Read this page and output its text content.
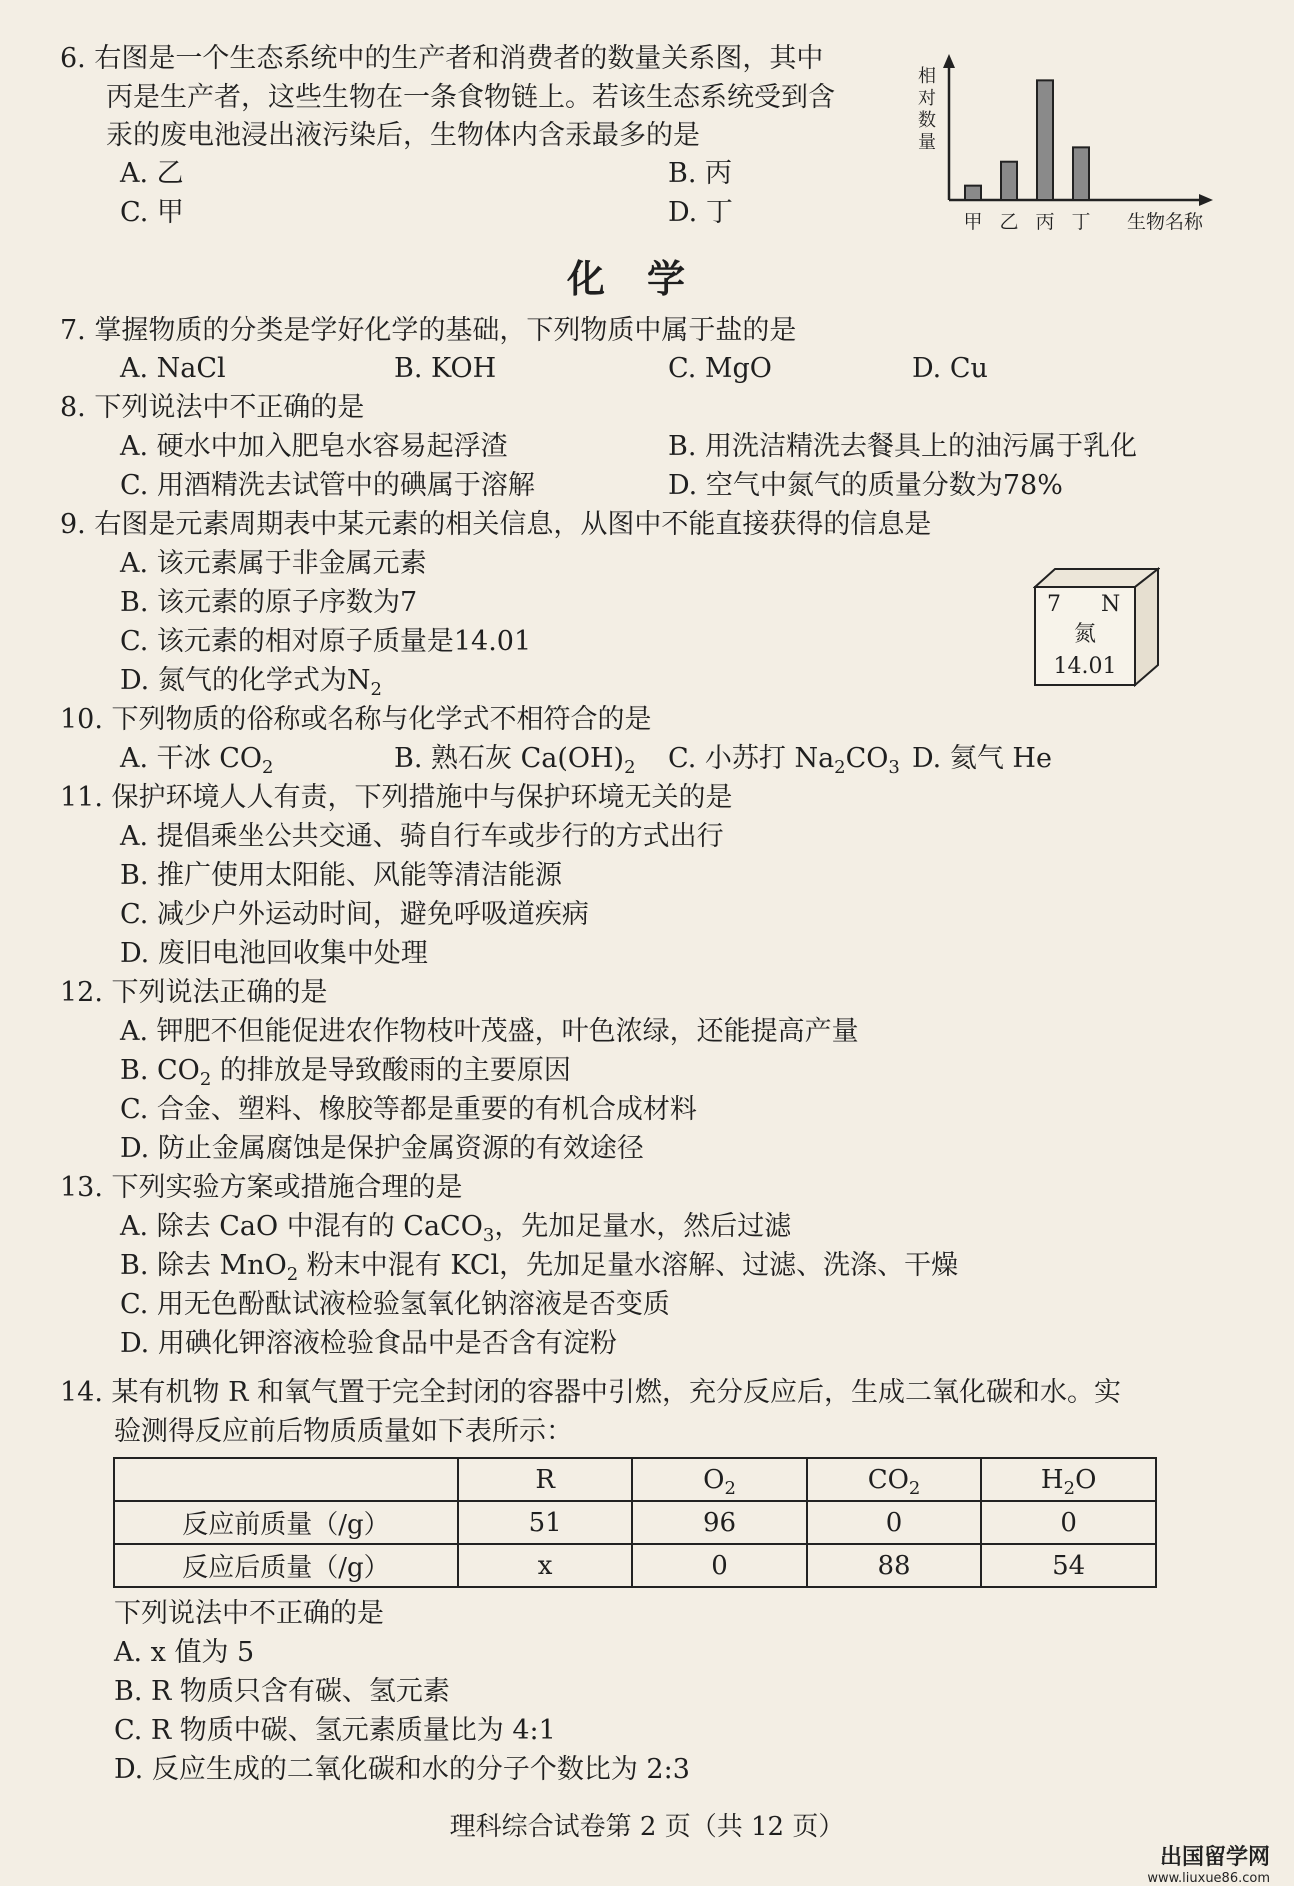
6. 右图是一个生态系统中的生产者和消费者的数量关系图，其中
丙是生产者，这些生物在一条食物链上。若该生态系统受到含
汞的废电池浸出液污染后，生物体内含汞最多的是
A. 乙	B. 丙
C. 甲	D. 丁
相
对
数
量
甲 乙 丙 丁 生物名称
化学
7. 掌握物质的分类是学好化学的基础，下列物质中属于盐的是
A. NaCl	B. KOH	C. MgO	D. Cu
8. 下列说法中不正确的是
A. 硬水中加入肥皂水容易起浮渣	B. 用洗洁精洗去餐具上的油污属于乳化
C. 用酒精洗去试管中的碘属于溶解	D. 空气中氮气的质量分数为78%
9. 右图是元素周期表中某元素的相关信息，从图中不能直接获得的信息是
A. 该元素属于非金属元素
B. 该元素的原子序数为7
C. 该元素的相对原子质量是14.01
D. 氮气的化学式为$N_2$
7 N
氮
14.01
10. 下列物质的俗称或名称与化学式不相符合的是
A. 干冰 $CO_2$	B. 熟石灰 $Ca(OH)_2$ C. 小苏打 $Na_2CO_3$ D. 氦气 He
11. 保护环境人人有责，下列措施中与保护环境无关的是
A. 提倡乘坐公共交通、骑自行车或步行的方式出行
B. 推广使用太阳能、风能等清洁能源
C. 减少户外运动时间，避免呼吸道疾病
D. 废旧电池回收集中处理
12. 下列说法正确的是
A. 钾肥不但能促进农作物枝叶茂盛，叶色浓绿，还能提高产量
B. $CO_2$ 的排放是导致酸雨的主要原因
C. 合金、塑料、橡胶等都是重要的有机合成材料
D. 防止金属腐蚀是保护金属资源的有效途径
13. 下列实验方案或措施合理的是
A. 除去 CaO 中混有的 CaCO$_3$，先加足量水，然后过滤
B. 除去 MnO$_2$ 粉末中混有 KCl，先加足量水溶解、过滤、洗涤、干燥
C. 用无色酚酞试液检验氢氧化钠溶液是否变质
D. 用碘化钾溶液检验食品中是否含有淀粉
14. 某有机物 R 和氧气置于完全封闭的容器中引燃，充分反应后，生成二氧化碳和水。实
验测得反应前后物质质量如下表所示：
	R	$O_2$	$CO_2$	$H_2O$
反应前质量（/g）	51	96	0	0
反应后质量（/g）	x	0	88	54
下列说法中不正确的是
A. x 值为 5
B. R 物质只含有碳、氢元素
C. R 物质中碳、氢元素质量比为 4:1
D. 反应生成的二氧化碳和水的分子个数比为 2:3
理科综合试卷第 2 页（共 12 页）
出国留学网
www.liuxue86.com
